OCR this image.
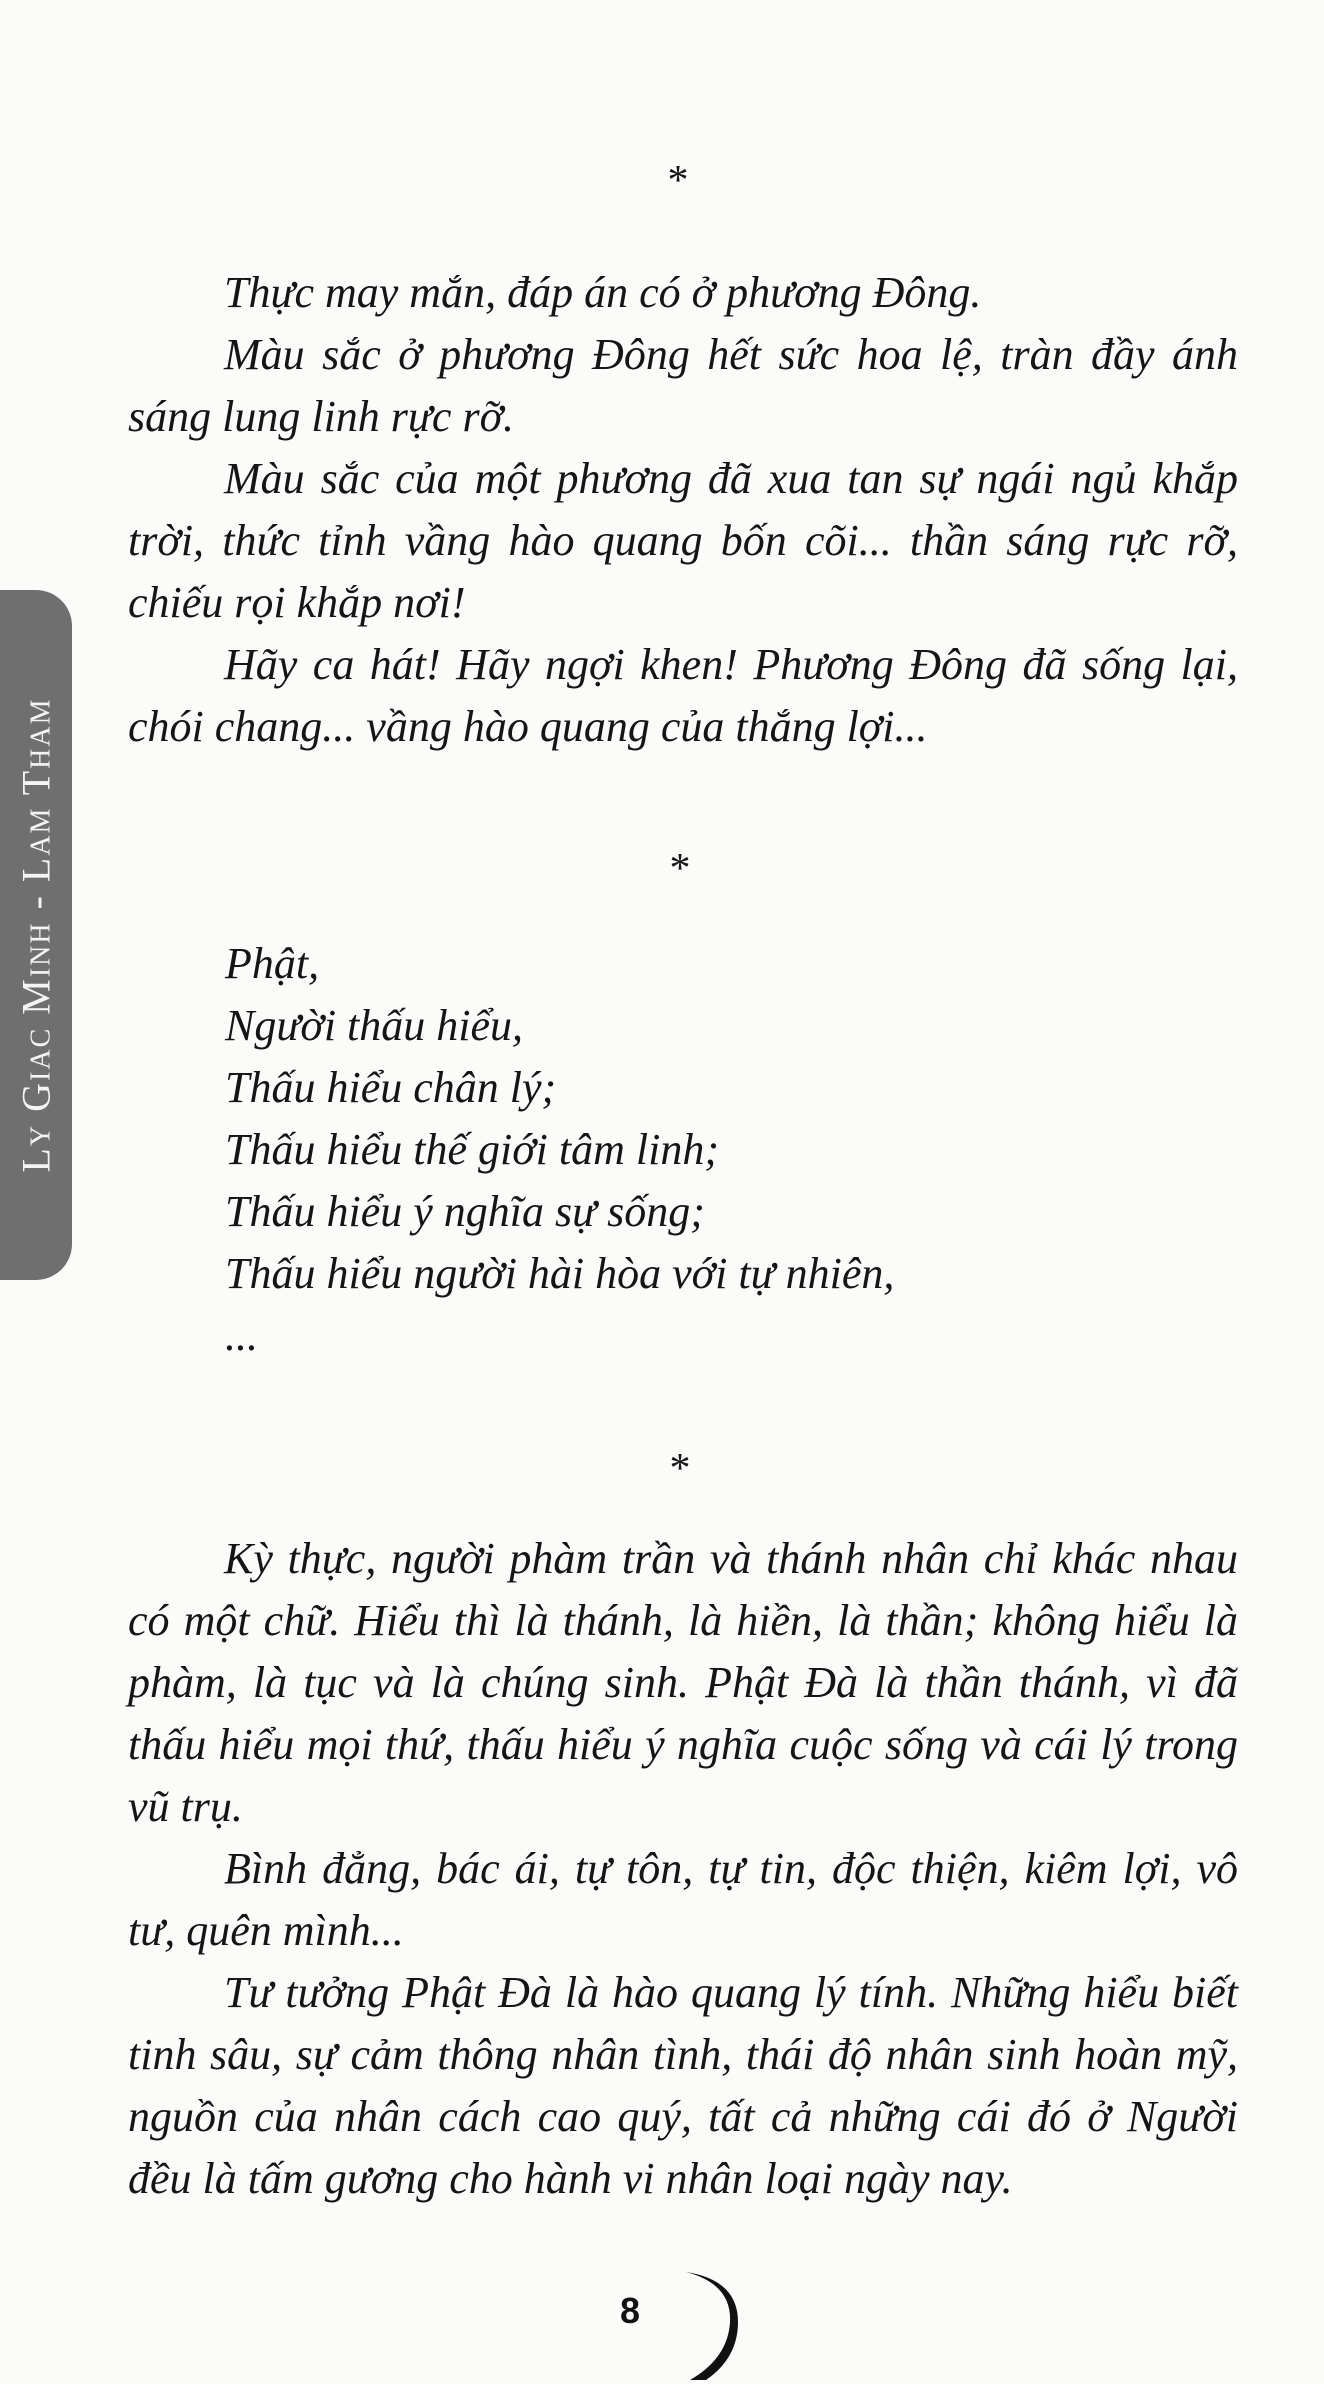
Ly Giac Minh - Lam Tham
*

Thực may mắn, đáp án có ở phương Đông.

Màu sắc ở phương Đông hết sức hoa lệ, tràn đầy ánh sáng lung linh rực rỡ.

Màu sắc của một phương đã xua tan sự ngái ngủ khắp trời, thức tỉnh vầng hào quang bốn cõi... thần sáng rực rỡ, chiếu rọi khắp nơi!

Hãy ca hát! Hãy ngợi khen! Phương Đông đã sống lại, chói chang... vầng hào quang của thắng lợi...

*
Phật,
Người thấu hiểu,
Thấu hiểu chân lý;
Thấu hiểu thế giới tâm linh;
Thấu hiểu ý nghĩa sự sống;
Thấu hiểu người hài hòa với tự nhiên,
...
*

Kỳ thực, người phàm trần và thánh nhân chỉ khác nhau có một chữ. Hiểu thì là thánh, là hiền, là thần; không hiểu là phàm, là tục và là chúng sinh. Phật Đà là thần thánh, vì đã thấu hiểu mọi thứ, thấu hiểu ý nghĩa cuộc sống và cái lý trong vũ trụ.

Bình đẳng, bác ái, tự tôn, tự tin, độc thiện, kiêm lợi, vô tư, quên mình...

Tư tưởng Phật Đà là hào quang lý tính. Những hiểu biết tinh sâu, sự cảm thông nhân tình, thái độ nhân sinh hoàn mỹ, nguồn của nhân cách cao quý, tất cả những cái đó ở Người đều là tấm gương cho hành vi nhân loại ngày nay.

8
